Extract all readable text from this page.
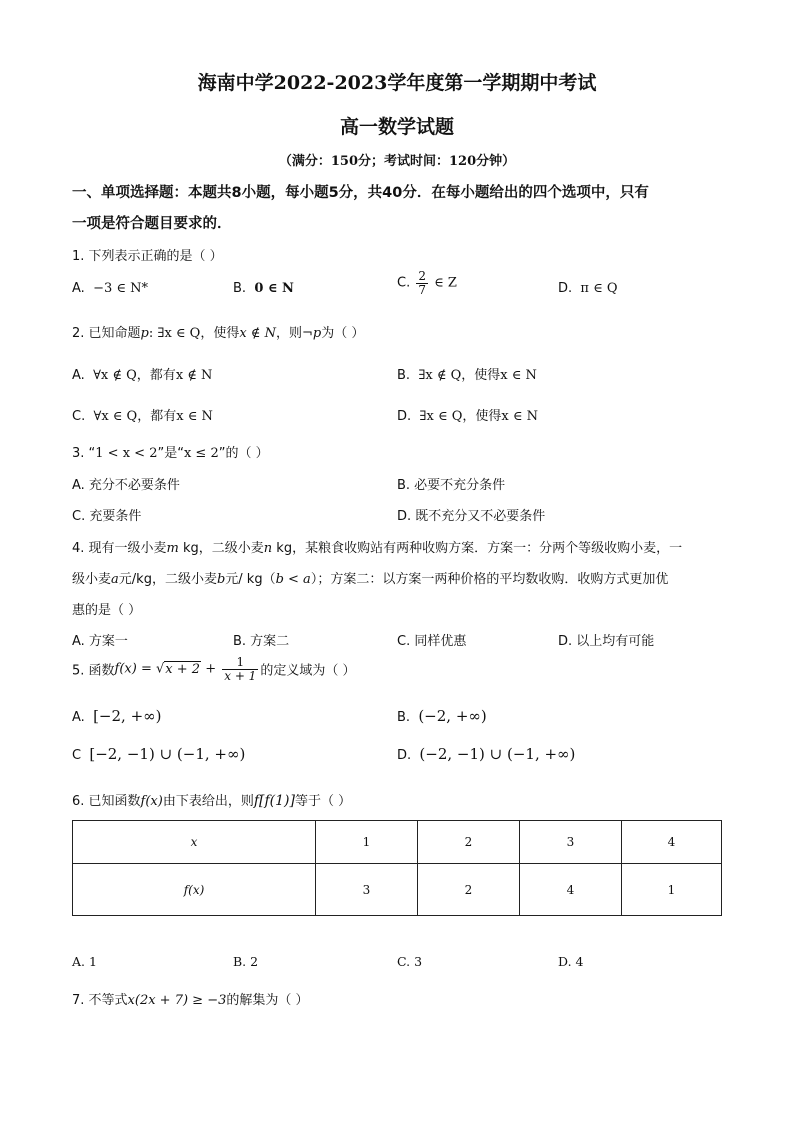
海南中学2022-2023学年度第一学期期中考试
高一数学试题
（满分：150分；考试时间：120分钟）
一、单项选择题：本题共8小题，每小题5分，共40分．在每小题给出的四个选项中，只有
一项是符合题目要求的．
1. 下列表示正确的是（ ）
A. −3 ∈ N*	B. 0 ∈ N	C. $\frac{2}{7}$ ∈ Z	D. π ∈ Q
2. 已知命题p: ∃x ∈ Q，使得x ∉ N，则¬p为（ ）
A. ∀x ∉ Q，都有x ∉ N	B. ∃x ∉ Q，使得x ∈ N
C. ∀x ∈ Q，都有x ∈ N	D. ∃x ∈ Q，使得x ∈ N
3. “1 < x < 2”是“x ≤ 2”的（ ）
A. 充分不必要条件	B. 必要不充分条件
C. 充要条件	D. 既不充分又不必要条件
4. 现有一级小麦m kg，二级小麦n kg，某粮食收购站有两种收购方案．方案一：分两个等级收购小麦，一
级小麦a元/kg，二级小麦b元/ kg（b < a）；方案二：以方案一两种价格的平均数收购．收购方式更加优
惠的是（ ）
A. 方案一	B. 方案二	C. 同样优惠	D. 以上均有可能
5. 函数$f(x) = √x + 2 + \frac{1}{x + 1}$ 的定义域为（ ）
A. [−2, +∞)	B. (−2, +∞)
C [−2, −1) ∪ (−1, +∞)	D. (−2, −1) ∪ (−1, +∞)
6. 已知函数f(x)由下表给出，则f[f(1)]等于（ ）
x	1	2	3	4
f(x)	3	2	4	1
A. 1	B. 2	C. 3	D. 4
7. 不等式x(2x + 7) ≥ −3的解集为（ ）
